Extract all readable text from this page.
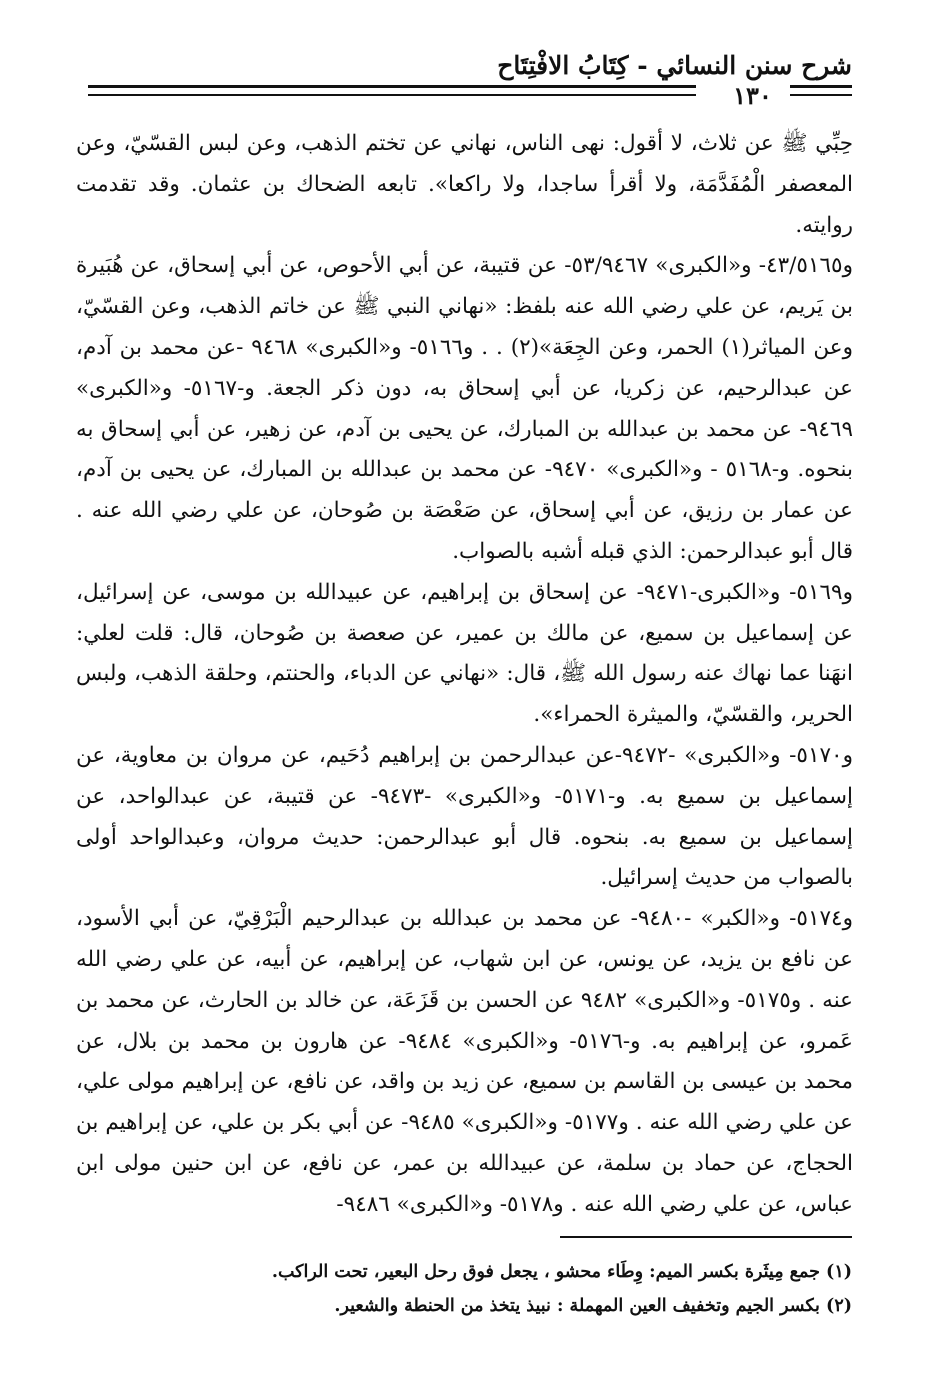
شرح سنن النسائي - كِتَابُ الافْتِتَاح
١٣٠

حِبِّي ﷺ عن ثلاث، لا أقول: نهى الناس، نهاني عن تختم الذهب، وعن لبس القسّيّ، وعن المعصفر الْمُفَدَّمَة، ولا أقرأ ساجدا، ولا راكعا». تابعه الضحاك بن عثمان. وقد تقدمت روايته.

و٤٣/٥١٦٥- و«الكبرى» ٥٣/٩٤٦٧- عن قتيبة، عن أبي الأحوص، عن أبي إسحاق، عن هُبَيرة بن يَريم، عن علي رضي الله عنه بلفظ: «نهاني النبي ﷺ عن خاتم الذهب، وعن القسّيّ، وعن المياثر(١) الحمر، وعن الجِعَة»(٢) . . و٥١٦٦- و«الكبرى» ٩٤٦٨ -عن محمد بن آدم، عن عبدالرحيم، عن زكريا، عن أبي إسحاق به، دون ذكر الجعة. و-٥١٦٧- و«الكبرى» ٩٤٦٩- عن محمد بن عبدالله بن المبارك، عن يحيى بن آدم، عن زهير، عن أبي إسحاق به بنحوه. و-٥١٦٨ - و«الكبرى» ٩٤٧٠- عن محمد بن عبدالله بن المبارك، عن يحيى بن آدم، عن عمار بن رزيق، عن أبي إسحاق، عن صَعْصَة بن صُوحان، عن علي رضي الله عنه . قال أبو عبدالرحمن: الذي قبله أشبه بالصواب.

و٥١٦٩- و«الكبرى-٩٤٧١- عن إسحاق بن إبراهيم، عن عبيدالله بن موسى، عن إسرائيل، عن إسماعيل بن سميع، عن مالك بن عمير، عن صعصة بن صُوحان، قال: قلت لعلي: انهَنا عما نهاك عنه رسول الله ﷺ، قال: «نهاني عن الدباء، والحنتم، وحلقة الذهب، ولبس الحرير، والقسّيّ، والميثرة الحمراء».

و٥١٧٠- و«الكبرى» -٩٤٧٢-عن عبدالرحمن بن إبراهيم دُحَيم، عن مروان بن معاوية، عن إسماعيل بن سميع به. و-٥١٧١- و«الكبرى» -٩٤٧٣- عن قتيبة، عن عبدالواحد، عن إسماعيل بن سميع به. بنحوه. قال أبو عبدالرحمن: حديث مروان، وعبدالواحد أولى بالصواب من حديث إسرائيل.

و٥١٧٤- و«الكبر» -٩٤٨٠- عن محمد بن عبدالله بن عبدالرحيم الْبَرْقِيّ، عن أبي الأسود، عن نافع بن يزيد، عن يونس، عن ابن شهاب، عن إبراهيم، عن أبيه، عن علي رضي الله عنه . و٥١٧٥- و«الكبرى» ٩٤٨٢ عن الحسن بن قَزَعَة، عن خالد بن الحارث، عن محمد بن عَمرو، عن إبراهيم به. و-٥١٧٦- و«الكبرى» ٩٤٨٤- عن هارون بن محمد بن بلال، عن محمد بن عيسى بن القاسم بن سميع، عن زيد بن واقد، عن نافع، عن إبراهيم مولى علي، عن علي رضي الله عنه . و٥١٧٧- و«الكبرى» ٩٤٨٥- عن أبي بكر بن علي، عن إبراهيم بن الحجاج، عن حماد بن سلمة، عن عبيدالله بن عمر، عن نافع، عن ابن حنين مولى ابن عباس، عن علي رضي الله عنه . و٥١٧٨- و«الكبرى» ٩٤٨٦-

(١) جمع مِيثَرة بكسر الميم: وِطَاء محشو ، يجعل فوق رحل البعير، تحت الراكب.
(٢) بكسر الجيم وتخفيف العين المهملة : نبيذ يتخذ من الحنطة والشعير.
